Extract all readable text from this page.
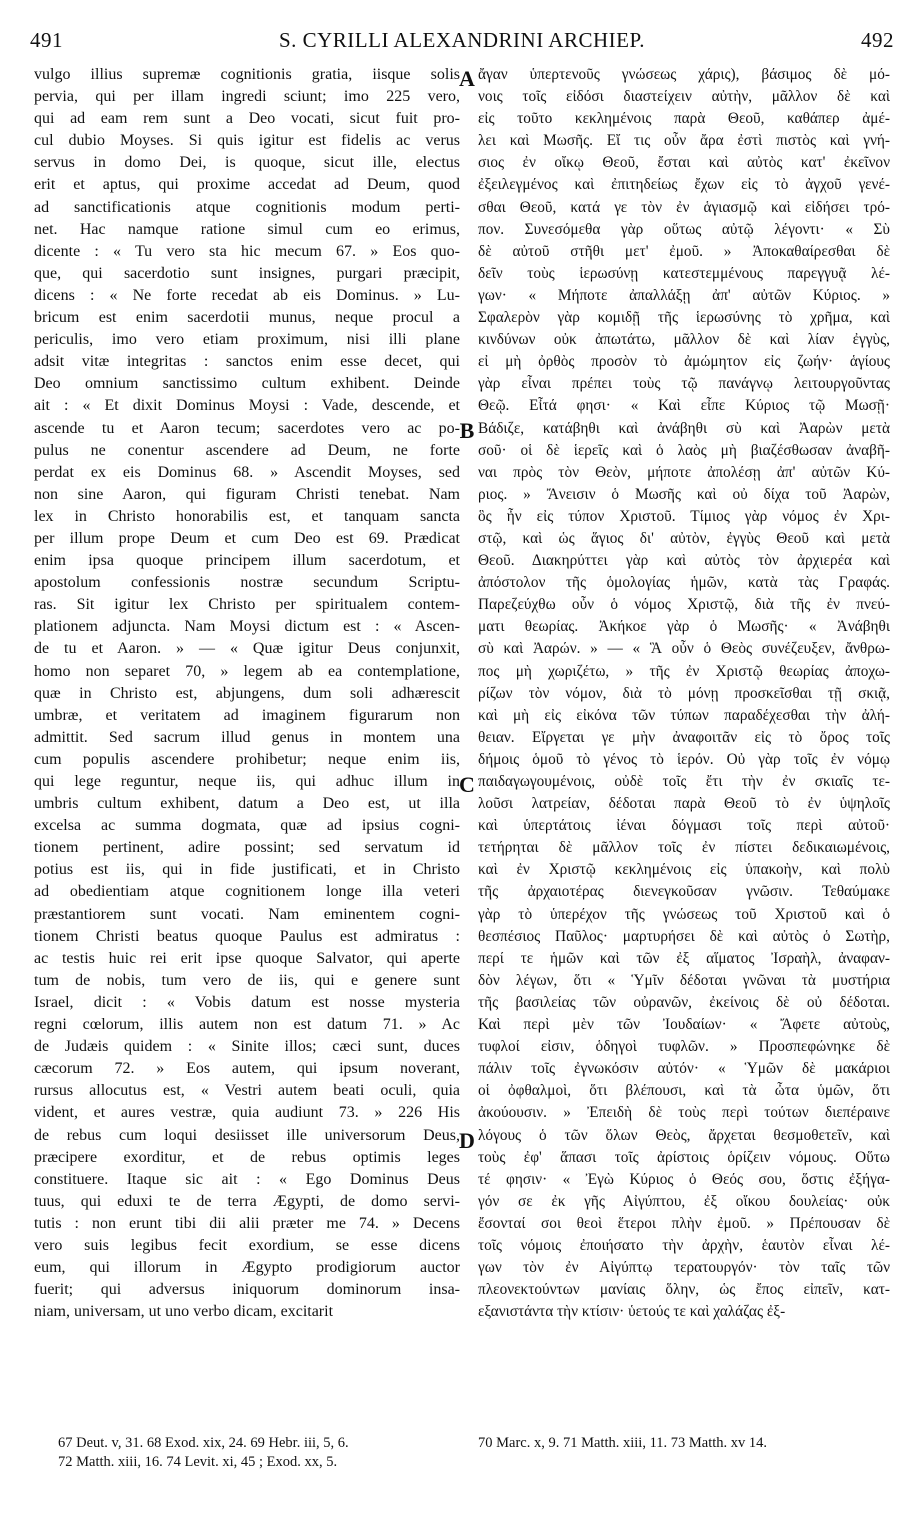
491	S. CYRILLI ALEXANDRINI ARCHIEP.	492
vulgo illius supremæ cognitionis gratia, iisque solis
pervia, qui per illam ingredi sciunt; imo 225 vero,
qui ad eam rem sunt a Deo vocati, sicut fuit pro-
cul dubio Moyses. Si quis igitur est fidelis ac verus
servus in domo Dei, is quoque, sicut ille, electus
erit et aptus, qui proxime accedat ad Deum, quod
ad sanctificationis atque cognitionis modum perti-
net. Hac namque ratione simul cum eo erimus,
dicente : « Tu vero sta hic mecum 67. » Eos quo-
que, qui sacerdotio sunt insignes, purgari præcipit,
dicens : « Ne forte recedat ab eis Dominus. » Lu-
bricum est enim sacerdotii munus, neque procul a
periculis, imo vero etiam proximum, nisi illi plane
adsit vitæ integritas : sanctos enim esse decet, qui
Deo omnium sanctissimo cultum exhibent. Deinde
ait : « Et dixit Dominus Moysi : Vade, descende, et
ascende tu et Aaron tecum; sacerdotes vero ac po-
pulus ne conentur ascendere ad Deum, ne forte
perdat ex eis Dominus 68. » Ascendit Moyses, sed
non sine Aaron, qui figuram Christi tenebat. Nam
lex in Christo honorabilis est, et tanquam sancta
per illum prope Deum et cum Deo est 69. Prædicat
enim ipsa quoque principem illum sacerdotum, et
apostolum confessionis nostræ secundum Scriptu-
ras. Sit igitur lex Christo per spiritualem contem-
plationem adjuncta. Nam Moysi dictum est : « Ascen-
de tu et Aaron. » — « Quæ igitur Deus conjunxit,
homo non separet 70, » legem ab ea contemplatione,
quæ in Christo est, abjungens, dum soli adhærescit
umbræ, et veritatem ad imaginem figurarum non
admittit. Sed sacrum illud genus in montem una
cum populis ascendere prohibetur; neque enim iis,
qui lege reguntur, neque iis, qui adhuc illum in
umbris cultum exhibent, datum a Deo est, ut illa
excelsa ac summa dogmata, quæ ad ipsius cogni-
tionem pertinent, adire possint; sed servatum id
potius est iis, qui in fide justificati, et in Christo
ad obedientiam atque cognitionem longe illa veteri
præstantiorem sunt vocati. Nam eminentem cogni-
tionem Christi beatus quoque Paulus est admiratus :
ac testis huic rei erit ipse quoque Salvator, qui aperte
tum de nobis, tum vero de iis, qui e genere sunt
Israel, dicit : « Vobis datum est nosse mysteria
regni cœlorum, illis autem non est datum 71. » Ac
de Judæis quidem : « Sinite illos; cæci sunt, duces
cæcorum 72. » Eos autem, qui ipsum noverant,
rursus allocutus est, « Vestri autem beati oculi, quia
vident, et aures vestræ, quia audiunt 73. » 226 His
de rebus cum loqui desiisset ille universorum Deus,
præcipere exorditur, et de rebus optimis leges
constituere. Itaque sic ait : « Ego Dominus Deus
tuus, qui eduxi te de terra Ægypti, de domo servi-
tutis : non erunt tibi dii alii præter me 74. » Decens
vero suis legibus fecit exordium, se esse dicens
eum, qui illorum in Ægypto prodigiorum auctor
fuerit; qui adversus iniquorum dominorum insa-
niam, universam, ut uno verbo dicam, excitarit
ἄγαν ὑπερτενοῦς γνώσεως χάρις), βάσιμος δὲ μό-
νοις τοῖς εἰδόσι διαστείχειν αὐτὴν, μᾶλλον δὲ καὶ
εἰς τοῦτο κεκλημένοις παρὰ Θεοῦ, καθάπερ ἀμέ-
λει καὶ Μωσῆς. Εἴ τις οὖν ἄρα ἐστὶ πιστὸς καὶ γνή-
σιος ἐν οἴκῳ Θεοῦ, ἔσται καὶ αὐτὸς κατ' ἐκεῖνον
ἐξειλεγμένος καὶ ἐπιτηδείως ἔχων εἰς τὸ ἀγχοῦ γενέ-
σθαι Θεοῦ, κατά γε τὸν ἐν ἁγιασμῷ καὶ εἰδήσει τρό-
πον. Συνεσόμεθα γὰρ οὕτως αὐτῷ λέγοντι· « Σὺ
δὲ αὐτοῦ στῆθι μετ' ἐμοῦ. » Ἀποκαθαίρεσθαι δὲ
δεῖν τοὺς ἱερωσύνῃ κατεστεμμένους παρεγγυᾷ λέ-
γων· « Μήποτε ἀπαλλάξῃ ἀπ' αὐτῶν Κύριος. »
Σφαλερὸν γὰρ κομιδῇ τῆς ἱερωσύνης τὸ χρῆμα, καὶ
κινδύνων οὐκ ἀπωτάτω, μᾶλλον δὲ καὶ λίαν ἐγγὺς,
εἰ μὴ ὀρθὸς προσὸν τὸ ἀμώμητον εἰς ζωήν· ἁγίους
γὰρ εἶναι πρέπει τοὺς τῷ πανάγνῳ λειτουργοῦντας
Θεῷ. Εἶτά φησι· « Καὶ εἶπε Κύριος τῷ Μωσῇ·
Βάδιζε, κατάβηθι καὶ ἀνάβηθι σὺ καὶ Ἀαρὼν μετὰ
σοῦ· οἱ δὲ ἱερεῖς καὶ ὁ λαὸς μὴ βιαζέσθωσαν ἀναβῆ-
ναι πρὸς τὸν Θεὸν, μήποτε ἀπολέσῃ ἀπ' αὐτῶν Κύ-
ριος. » Ἄνεισιν ὁ Μωσῆς καὶ οὐ δίχα τοῦ Ἀαρὼν,
ὃς ἦν εἰς τύπον Χριστοῦ. Τίμιος γὰρ νόμος ἐν Χρι-
στῷ, καὶ ὡς ἅγιος δι' αὐτὸν, ἐγγὺς Θεοῦ καὶ μετὰ
Θεοῦ. Διακηρύττει γὰρ καὶ αὐτὸς τὸν ἀρχιερέα καὶ
ἀπόστολον τῆς ὁμολογίας ἡμῶν, κατὰ τὰς Γραφάς.
Παρεζεύχθω οὖν ὁ νόμος Χριστῷ, διὰ τῆς ἐν πνεύ-
ματι θεωρίας. Ἀκήκοε γὰρ ὁ Μωσῆς· « Ἀνάβηθι
σὺ καὶ Ἀαρών. » — « Ἃ οὖν ὁ Θεὸς συνέζευξεν, ἄνθρω-
πος μὴ χωριζέτω, » τῆς ἐν Χριστῷ θεωρίας ἀποχω-
ρίζων τὸν νόμον, διὰ τὸ μόνῃ προσκεῖσθαι τῇ σκιᾷ,
καὶ μὴ εἰς εἰκόνα τῶν τύπων παραδέχεσθαι τὴν ἀλή-
θειαν. Εἴργεται γε μὴν ἀναφοιτᾶν εἰς τὸ ὄρος τοῖς
δήμοις ὁμοῦ τὸ γένος τὸ ἱερόν. Οὐ γὰρ τοῖς ἐν νόμῳ
παιδαγωγουμένοις, οὐδὲ τοῖς ἔτι τὴν ἐν σκιαῖς τε-
λοῦσι λατρείαν, δέδοται παρὰ Θεοῦ τὸ ἐν ὑψηλοῖς
καὶ ὑπερτάτοις ἰέναι δόγμασι τοῖς περὶ αὐτοῦ·
τετήρηται δὲ μᾶλλον τοῖς ἐν πίστει δεδικαιωμένοις,
καὶ ἐν Χριστῷ κεκλημένοις εἰς ὑπακοὴν, καὶ πολὺ
τῆς ἀρχαιοτέρας διενεγκοῦσαν γνῶσιν. Τεθαύμακε
γὰρ τὸ ὑπερέχον τῆς γνώσεως τοῦ Χριστοῦ καὶ ὁ
θεσπέσιος Παῦλος· μαρτυρήσει δὲ καὶ αὐτὸς ὁ Σωτὴρ,
περί τε ἡμῶν καὶ τῶν ἐξ αἵματος Ἰσραὴλ, ἀναφαν-
δὸν λέγων, ὅτι « Ὑμῖν δέδοται γνῶναι τὰ μυστήρια
τῆς βασιλείας τῶν οὐρανῶν, ἐκείνοις δὲ οὐ δέδοται.
Καὶ περὶ μὲν τῶν Ἰουδαίων· « Ἄφετε αὐτοὺς,
τυφλοί εἰσιν, ὁδηγοὶ τυφλῶν. » Προσπεφώνηκε δὲ
πάλιν τοῖς ἐγνωκόσιν αὐτόν· « Ὑμῶν δὲ μακάριοι
οἱ ὀφθαλμοὶ, ὅτι βλέπουσι, καὶ τὰ ὦτα ὑμῶν, ὅτι
ἀκούουσιν. » Ἐπειδὴ δὲ τοὺς περὶ τούτων διεπέραινε
λόγους ὁ τῶν ὅλων Θεὸς, ἄρχεται θεσμοθετεῖν, καὶ
τοὺς ἐφ' ἅπασι τοῖς ἀρίστοις ὁρίζειν νόμους. Οὕτω
τέ φησιν· « Ἐγὼ Κύριος ὁ Θεός σου, ὅστις ἐξήγα-
γόν σε ἐκ γῆς Αἰγύπτου, ἐξ οἴκου δουλείας· οὐκ
ἔσονταί σοι θεοὶ ἕτεροι πλὴν ἐμοῦ. » Πρέπουσαν δὲ
τοῖς νόμοις ἐποιήσατο τὴν ἀρχὴν, ἑαυτὸν εἶναι λέ-
γων τὸν ἐν Αἰγύπτῳ τερατουργόν· τὸν ταῖς τῶν
πλεονεκτούντων μανίαις ὅλην, ὡς ἔπος εἰπεῖν, κατ-
εξανιστάντα τὴν κτίσιν· ὑετούς τε καὶ χαλάζας ἐξ-
A
B
C
D
67 Deut. v, 31. 68 Exod. xix, 24. 69 Hebr. iii, 5, 6.
72 Matth. xiii, 16. 74 Levit. xi, 45 ; Exod. xx, 5.
70 Marc. x, 9. 71 Matth. xiii, 11. 73 Matth. xv 14.
